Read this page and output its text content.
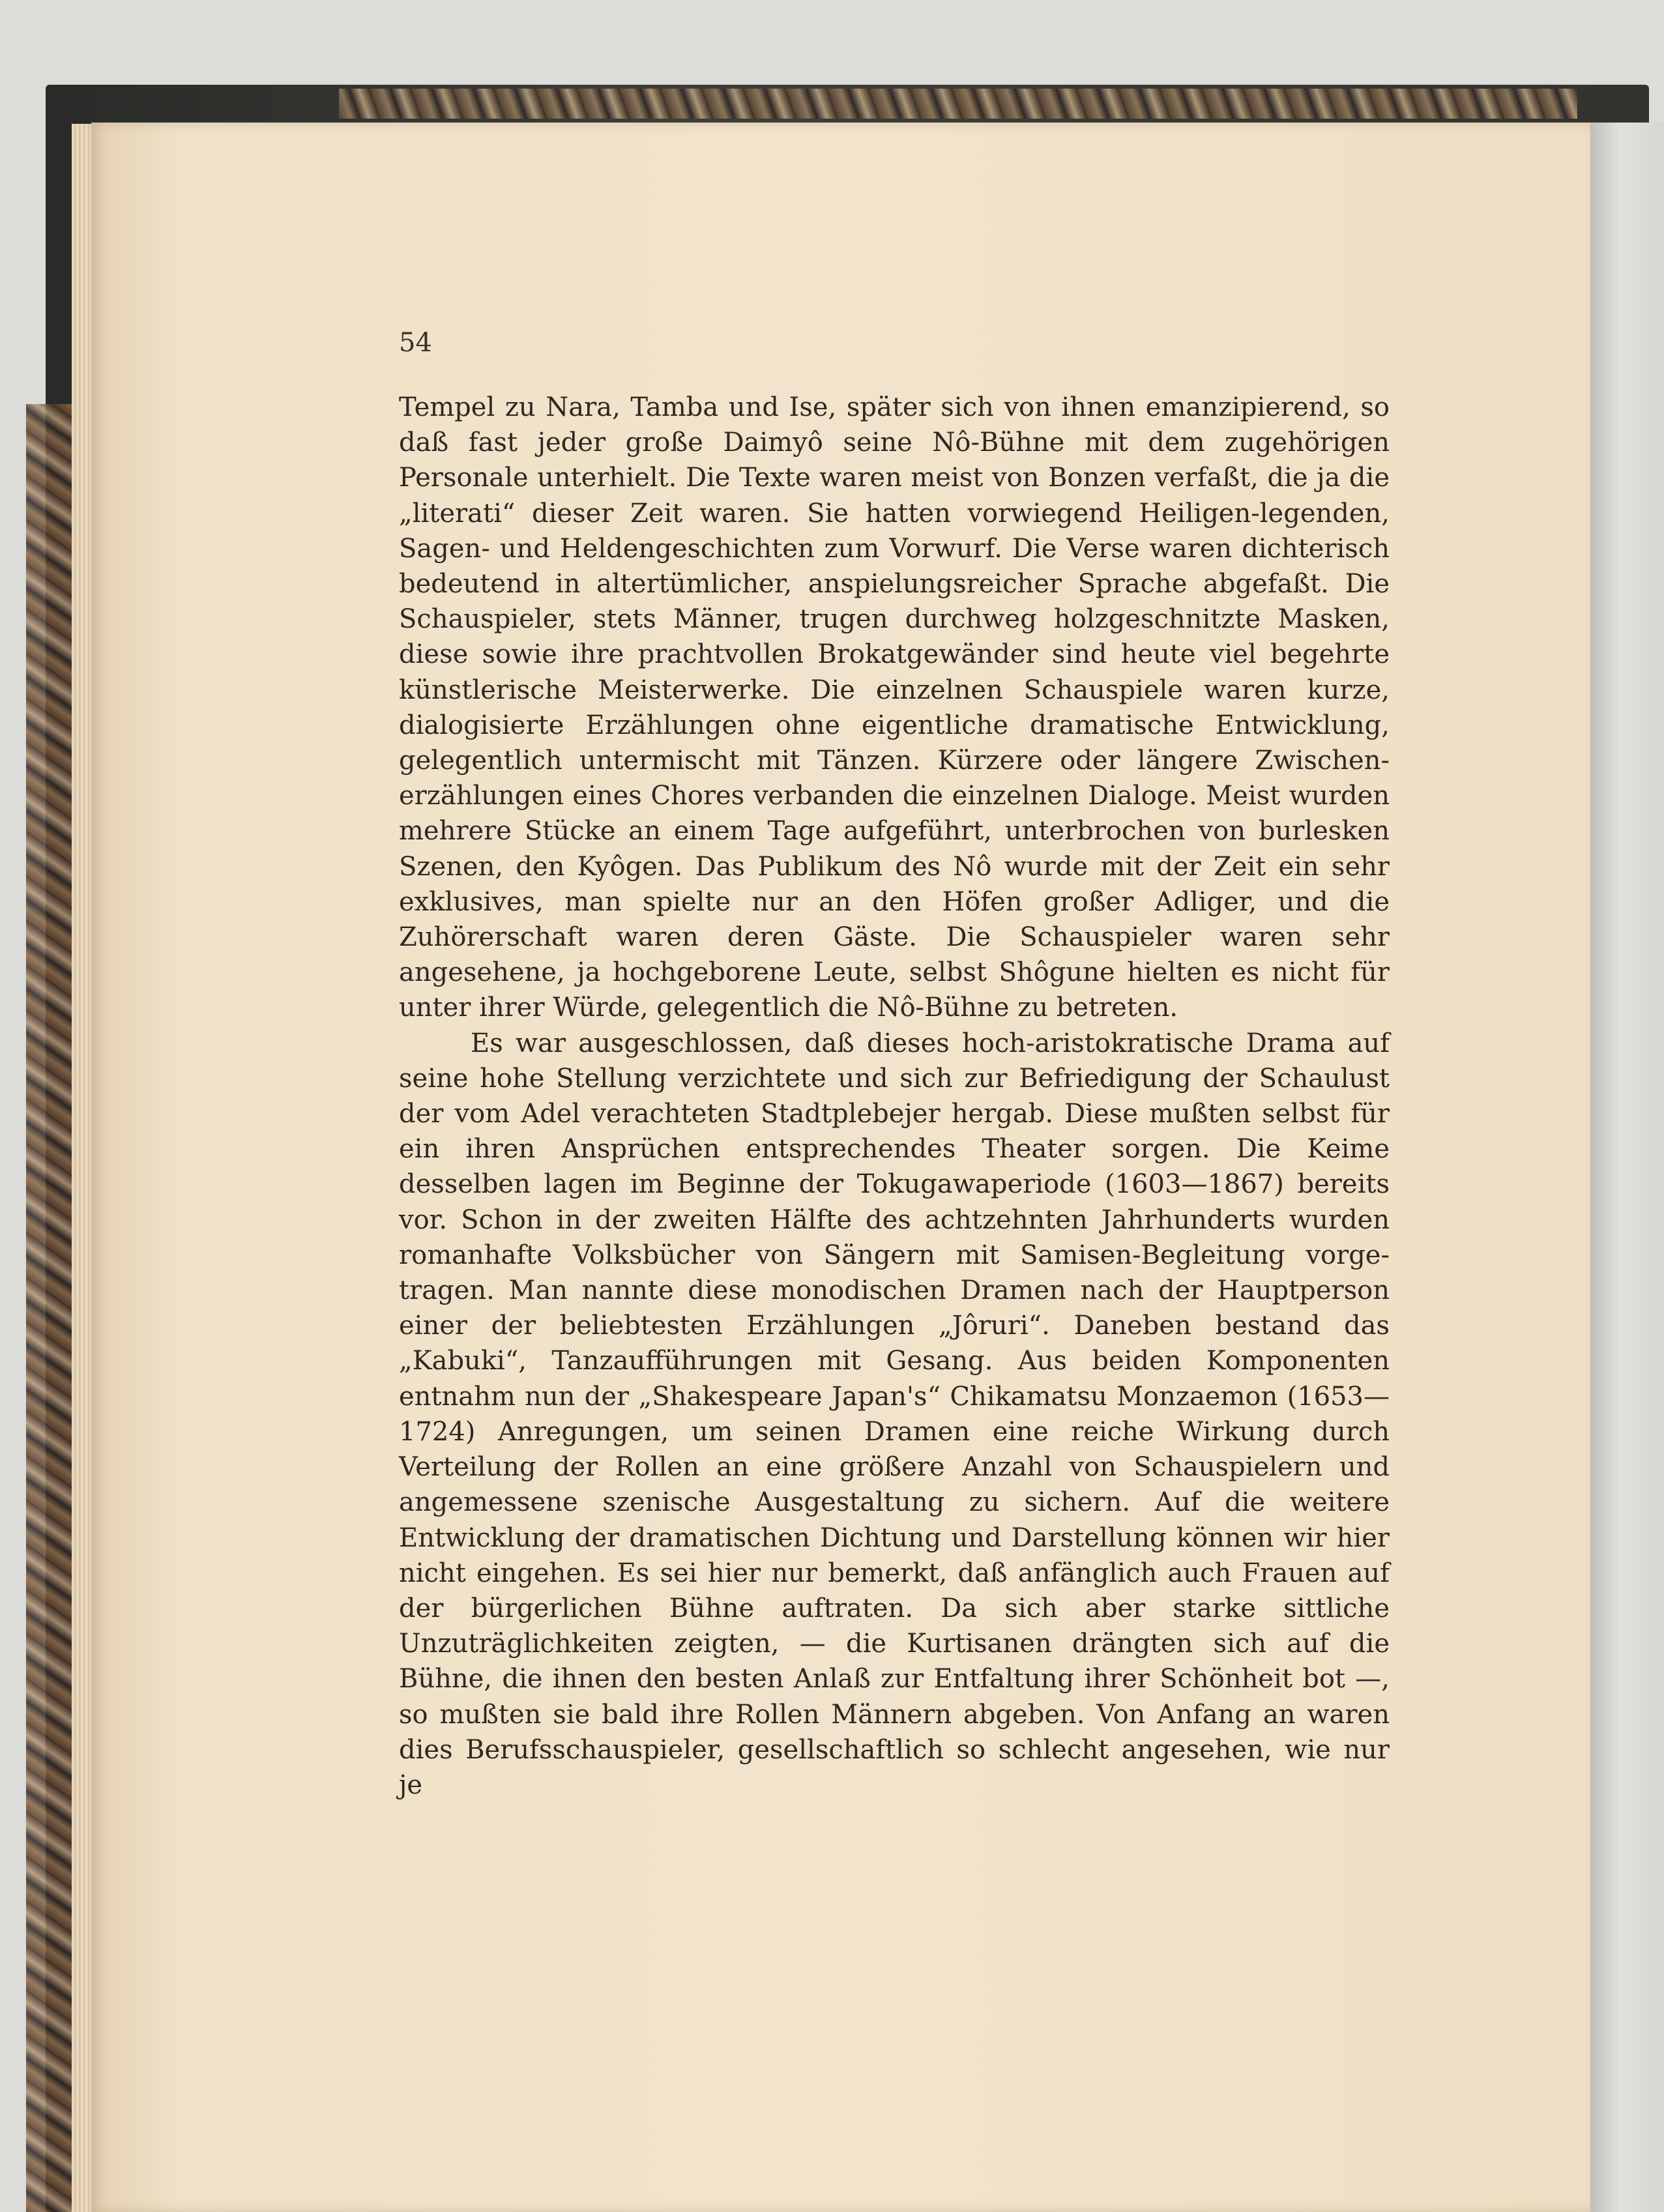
54

Tempel zu Nara, Tamba und Ise, später sich von ihnen emanzipierend, so daß fast jeder große Daimyô seine Nô-Bühne mit dem zugehörigen Personale unterhielt. Die Texte waren meist von Bonzen verfaßt, die ja die „literati“ dieser Zeit waren. Sie hatten vorwiegend Heiligen-legenden, Sagen- und Heldengeschichten zum Vorwurf. Die Verse waren dichterisch bedeutend in altertümlicher, anspielungsreicher Sprache abgefaßt. Die Schauspieler, stets Männer, trugen durchweg holzgeschnitzte Masken, diese sowie ihre prachtvollen Brokatgewänder sind heute viel begehrte künstlerische Meisterwerke. Die einzelnen Schauspiele waren kurze, dialogisierte Erzählungen ohne eigentliche dramatische Entwicklung, gelegentlich untermischt mit Tänzen. Kürzere oder längere Zwischen-erzählungen eines Chores verbanden die einzelnen Dialoge. Meist wurden mehrere Stücke an einem Tage aufgeführt, unterbrochen von burlesken Szenen, den Kyôgen. Das Publikum des Nô wurde mit der Zeit ein sehr exklusives, man spielte nur an den Höfen großer Adliger, und die Zuhörerschaft waren deren Gäste. Die Schauspieler waren sehr angesehene, ja hochgeborene Leute, selbst Shôgune hielten es nicht für unter ihrer Würde, gelegentlich die Nô-Bühne zu betreten.

Es war ausgeschlossen, daß dieses hoch-aristokratische Drama auf seine hohe Stellung verzichtete und sich zur Befriedigung der Schaulust der vom Adel verachteten Stadtplebejer hergab. Diese mußten selbst für ein ihren Ansprüchen entsprechendes Theater sorgen. Die Keime desselben lagen im Beginne der Tokugawaperiode (1603—1867) bereits vor. Schon in der zweiten Hälfte des achtzehnten Jahrhunderts wurden romanhafte Volksbücher von Sängern mit Samisen-Begleitung vorge-tragen. Man nannte diese monodischen Dramen nach der Hauptperson einer der beliebtesten Erzählungen „Jôruri“. Daneben bestand das „Kabuki“, Tanzaufführungen mit Gesang. Aus beiden Komponenten entnahm nun der „Shakespeare Japan's“ Chikamatsu Monzaemon (1653—1724) Anregungen, um seinen Dramen eine reiche Wirkung durch Verteilung der Rollen an eine größere Anzahl von Schauspielern und angemessene szenische Ausgestaltung zu sichern. Auf die weitere Entwicklung der dramatischen Dichtung und Darstellung können wir hier nicht eingehen. Es sei hier nur bemerkt, daß anfänglich auch Frauen auf der bürgerlichen Bühne auftraten. Da sich aber starke sittliche Unzuträglichkeiten zeigten, — die Kurtisanen drängten sich auf die Bühne, die ihnen den besten Anlaß zur Entfaltung ihrer Schönheit bot —, so mußten sie bald ihre Rollen Männern abgeben. Von Anfang an waren dies Berufsschauspieler, gesellschaftlich so schlecht angesehen, wie nur je
